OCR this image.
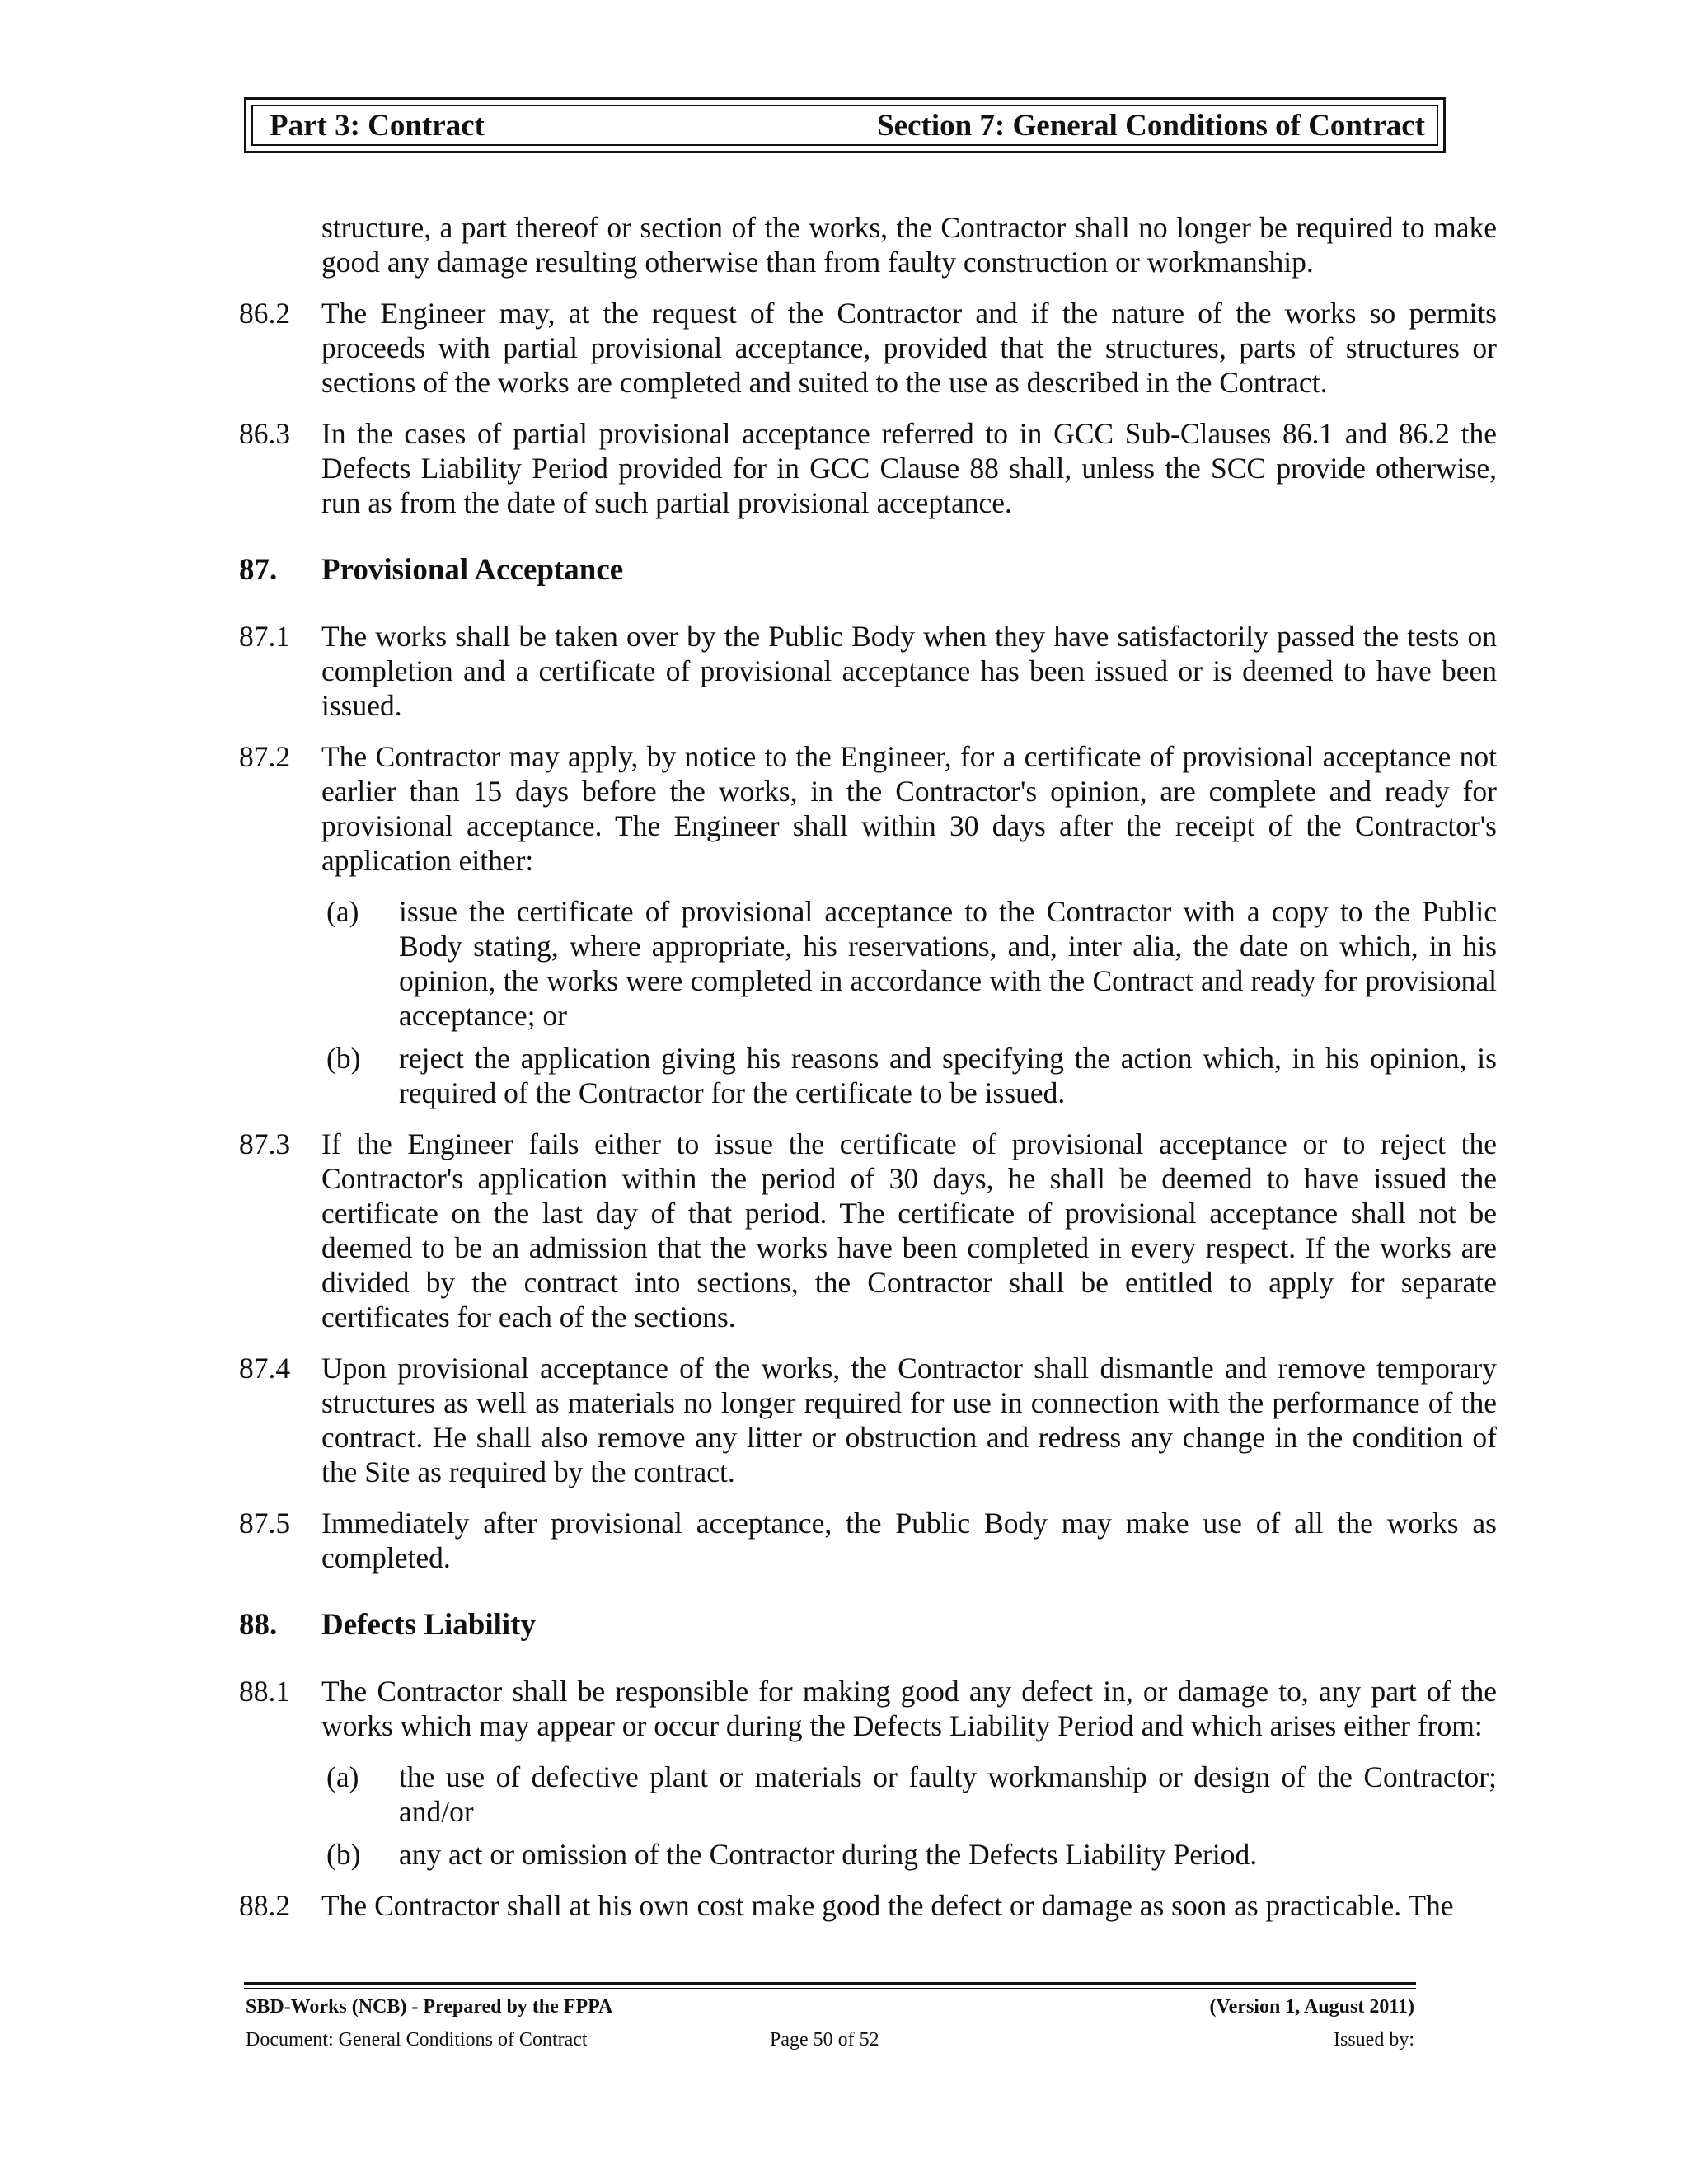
Part 3: Contract	Section 7: General Conditions of Contract
structure, a part thereof or section of the works, the Contractor shall no longer be required to make good any damage resulting otherwise than from faulty construction or workmanship.
86.2	The Engineer may, at the request of the Contractor and if the nature of the works so permits proceeds with partial provisional acceptance, provided that the structures, parts of structures or sections of the works are completed and suited to the use as described in the Contract.
86.3	In the cases of partial provisional acceptance referred to in GCC Sub-Clauses 86.1 and 86.2 the Defects Liability Period provided for in GCC Clause 88 shall, unless the SCC provide otherwise, run as from the date of such partial provisional acceptance.
87.	Provisional Acceptance
87.1	The works shall be taken over by the Public Body when they have satisfactorily passed the tests on completion and a certificate of provisional acceptance has been issued or is deemed to have been issued.
87.2	The Contractor may apply, by notice to the Engineer, for a certificate of provisional acceptance not earlier than 15 days before the works, in the Contractor's opinion, are complete and ready for provisional acceptance. The Engineer shall within 30 days after the receipt of the Contractor's application either:
(a)	issue the certificate of provisional acceptance to the Contractor with a copy to the Public Body stating, where appropriate, his reservations, and, inter alia, the date on which, in his opinion, the works were completed in accordance with the Contract and ready for provisional acceptance; or
(b)	reject the application giving his reasons and specifying the action which, in his opinion, is required of the Contractor for the certificate to be issued.
87.3	If the Engineer fails either to issue the certificate of provisional acceptance or to reject the Contractor's application within the period of 30 days, he shall be deemed to have issued the certificate on the last day of that period. The certificate of provisional acceptance shall not be deemed to be an admission that the works have been completed in every respect. If the works are divided by the contract into sections, the Contractor shall be entitled to apply for separate certificates for each of the sections.
87.4	Upon provisional acceptance of the works, the Contractor shall dismantle and remove temporary structures as well as materials no longer required for use in connection with the performance of the contract. He shall also remove any litter or obstruction and redress any change in the condition of the Site as required by the contract.
87.5	Immediately after provisional acceptance, the Public Body may make use of all the works as completed.
88.	Defects Liability
88.1	The Contractor shall be responsible for making good any defect in, or damage to, any part of the works which may appear or occur during the Defects Liability Period and which arises either from:
(a)	the use of defective plant or materials or faulty workmanship or design of the Contractor; and/or
(b)	any act or omission of the Contractor during the Defects Liability Period.
88.2	The Contractor shall at his own cost make good the defect or damage as soon as practicable. The
SBD-Works (NCB) - Prepared by the FPPA	(Version 1, August 2011)
Document: General Conditions of Contract	Page 50 of 52	Issued by:
